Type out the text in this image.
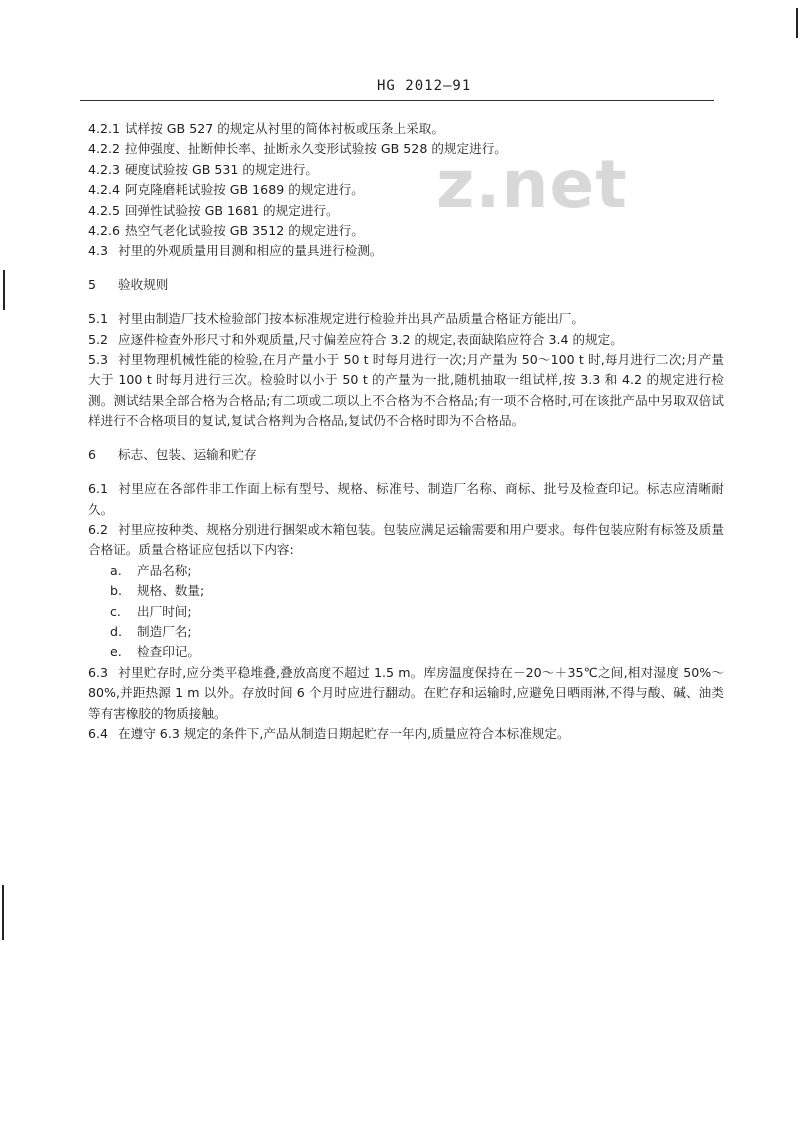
z.net
HG 2012—91
4.2.1 试样按 GB 527 的规定从衬里的简体衬板或压条上采取。
4.2.2 拉伸强度、扯断伸长率、扯断永久变形试验按 GB 528 的规定进行。
4.2.3 硬度试验按 GB 531 的规定进行。
4.2.4 阿克隆磨耗试验按 GB 1689 的规定进行。
4.2.5 回弹性试验按 GB 1681 的规定进行。
4.2.6 热空气老化试验按 GB 3512 的规定进行。
4.3 衬里的外观质量用目测和相应的量具进行检测。
5 验收规则
5.1 衬里由制造厂技术检验部门按本标准规定进行检验并出具产品质量合格证方能出厂。
5.2 应逐件检查外形尺寸和外观质量,尺寸偏差应符合 3.2 的规定,表面缺陷应符合 3.4 的规定。
5.3 衬里物理机械性能的检验,在月产量小于 50 t 时每月进行一次;月产量为 50～100 t 时,每月进行二次;月产量大于 100 t 时每月进行三次。检验时以小于 50 t 的产量为一批,随机抽取一组试样,按 3.3 和 4.2 的规定进行检测。测试结果全部合格为合格品;有二项或二项以上不合格为不合格品;有一项不合格时,可在该批产品中另取双倍试样进行不合格项目的复试,复试合格判为合格品,复试仍不合格时即为不合格品。
6 标志、包装、运输和贮存
6.1 衬里应在各部件非工作面上标有型号、规格、标准号、制造厂名称、商标、批号及检查印记。标志应清晰耐久。
6.2 衬里应按种类、规格分别进行捆架或木箱包装。包装应满足运输需要和用户要求。每件包装应附有标签及质量合格证。质量合格证应包括以下内容:
a. 产品名称;
b. 规格、数量;
c. 出厂时间;
d. 制造厂名;
e. 检查印记。
6.3 衬里贮存时,应分类平稳堆叠,叠放高度不超过 1.5 m。库房温度保持在－20～＋35℃之间,相对湿度 50%～80%,并距热源 1 m 以外。存放时间 6 个月时应进行翻动。在贮存和运输时,应避免日晒雨淋,不得与酸、碱、油类等有害橡胶的物质接触。
6.4 在遵守 6.3 规定的条件下,产品从制造日期起贮存一年内,质量应符合本标准规定。
